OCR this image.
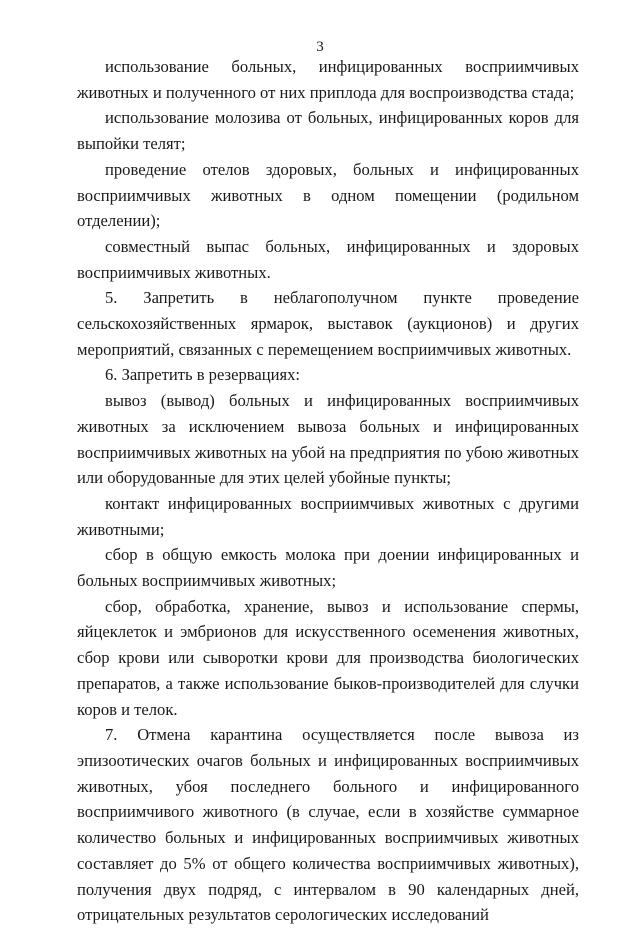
3

использование больных, инфицированных восприимчивых животных и полученного от них приплода для воспроизводства стада;

использование молозива от больных, инфицированных коров для выпойки телят;

проведение отелов здоровых, больных и инфицированных восприимчивых животных в одном помещении (родильном отделении);

совместный выпас больных, инфицированных и здоровых восприимчивых животных.

5. Запретить в неблагополучном пункте проведение сельскохозяйственных ярмарок, выставок (аукционов) и других мероприятий, связанных с перемещением восприимчивых животных.

6. Запретить в резервациях:

вывоз (вывод) больных и инфицированных восприимчивых животных за исключением вывоза больных и инфицированных восприимчивых животных на убой на предприятия по убою животных или оборудованные для этих целей убойные пункты;

контакт инфицированных восприимчивых животных с другими животными;

сбор в общую емкость молока при доении инфицированных и больных восприимчивых животных;

сбор, обработка, хранение, вывоз и использование спермы, яйцеклеток и эмбрионов для искусственного осеменения животных, сбор крови или сыворотки крови для производства биологических препаратов, а также использование быков-производителей для случки коров и телок.

7. Отмена карантина осуществляется после вывоза из эпизоотических очагов больных и инфицированных восприимчивых животных, убоя последнего больного и инфицированного восприимчивого животного (в случае, если в хозяйстве суммарное количество больных и инфицированных восприимчивых животных составляет до 5% от общего количества восприимчивых животных), получения двух подряд, с интервалом в 90 календарных дней, отрицательных результатов серологических исследований
